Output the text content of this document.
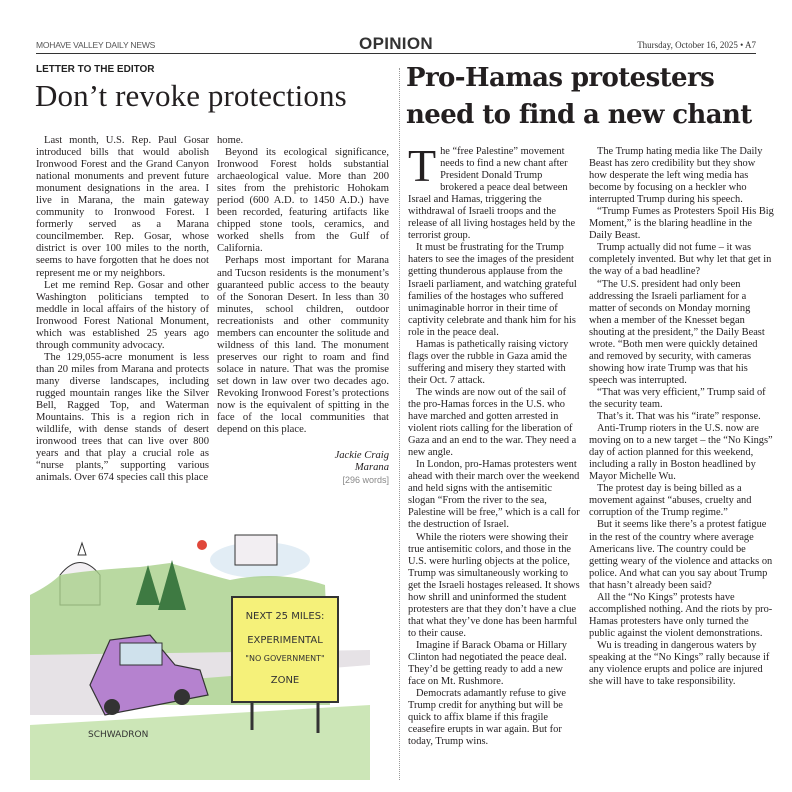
MOHAVE VALLEY DAILY NEWS	OPINION	Thursday, October 16, 2025 • A7
LETTER TO THE EDITOR
Don’t revoke protections

Last month, U.S. Rep. Paul Gosar introduced bills that would abolish Ironwood Forest and the Grand Canyon national monuments and prevent future monument designations in the area. I live in Marana, the main gateway community to Ironwood Forest. I formerly served as a Marana councilmember. Rep. Gosar, whose district is over 100 miles to the north, seems to have forgotten that he does not represent me or my neighbors.

Let me remind Rep. Gosar and other Washington politicians tempted to meddle in local affairs of the history of Ironwood Forest National Monument, which was established 25 years ago through community advocacy.

The 129,055-acre monument is less than 20 miles from Marana and protects many diverse landscapes, including rugged mountain ranges like the Silver Bell, Ragged Top, and Waterman Mountains. This is a region rich in wildlife, with dense stands of desert ironwood trees that can live over 800 years and that play a crucial role as “nurse plants,” supporting various animals. Over 674 species call this place

home.

Beyond its ecological significance, Ironwood Forest holds substantial archaeological value. More than 200 sites from the prehistoric Hohokam period (600 A.D. to 1450 A.D.) have been recorded, featuring artifacts like chipped stone tools, ceramics, and worked shells from the Gulf of California.

Perhaps most important for Marana and Tucson residents is the monument’s guaranteed public access to the beauty of the Sonoran Desert. In less than 30 minutes, school children, outdoor recreationists and other community members can encounter the solitude and wildness of this land. The monument preserves our right to roam and find solace in nature. That was the promise set down in law over two decades ago. Revoking Ironwood Forest’s protections now is the equivalent of spitting in the face of the local communities that depend on this place.

Jackie Craig
Marana
[296 words]
NEXT 25 MILES:
EXPERIMENTAL
"NO GOVERNMENT"
ZONE
SCHWADRON
Pro-Hamas protesters
need to find a new chant

The “free Palestine” movement needs to find a new chant after President Donald Trump brokered a peace deal between Israel and Hamas, triggering the withdrawal of Israeli troops and the release of all living hostages held by the terrorist group.

It must be frustrating for the Trump haters to see the images of the president getting thunderous applause from the Israeli parliament, and watching grateful families of the hostages who suffered unimaginable horror in their time of captivity celebrate and thank him for his role in the peace deal.

Hamas is pathetically raising victory flags over the rubble in Gaza amid the suffering and misery they started with their Oct. 7 attack.

The winds are now out of the sail of the pro-Hamas forces in the U.S. who have marched and gotten arrested in violent riots calling for the liberation of Gaza and an end to the war. They need a new angle.

In London, pro-Hamas protesters went ahead with their march over the weekend and held signs with the antisemitic slogan “From the river to the sea, Palestine will be free,” which is a call for the destruction of Israel.

While the rioters were showing their true antisemitic colors, and those in the U.S. were hurling objects at the police, Trump was simultaneously working to get the Israeli hostages released. It shows how shrill and uninformed the student protesters are that they don’t have a clue that what they’ve done has been harmful to their cause.

Imagine if Barack Obama or Hillary Clinton had negotiated the peace deal. They’d be getting ready to add a new face on Mt. Rushmore.

Democrats adamantly refuse to give Trump credit for anything but will be quick to affix blame if this fragile ceasefire erupts in war again. But for today, Trump wins.

The Trump hating media like The Daily Beast has zero credibility but they show how desperate the left wing media has become by focusing on a heckler who interrupted Trump during his speech.

“Trump Fumes as Protesters Spoil His Big Moment,” is the blaring headline in the Daily Beast.

Trump actually did not fume – it was completely invented. But why let that get in the way of a bad headline?

“The U.S. president had only been addressing the Israeli parliament for a matter of seconds on Monday morning when a member of the Knesset began shouting at the president,” the Daily Beast wrote. “Both men were quickly detained and removed by security, with cameras showing how irate Trump was that his speech was interrupted.

“That was very efficient,” Trump said of the security team.

That’s it. That was his “irate” response.

Anti-Trump rioters in the U.S. now are moving on to a new target – the “No Kings” day of action planned for this weekend, including a rally in Boston headlined by Mayor Michelle Wu.

The protest day is being billed as a movement against “abuses, cruelty and corruption of the Trump regime.”

But it seems like there’s a protest fatigue in the rest of the country where average Americans live. The country could be getting weary of the violence and attacks on police. And what can you say about Trump that hasn’t already been said?

All the “No Kings” protests have accomplished nothing. And the riots by pro-Hamas protesters have only turned the public against the violent demonstrations.

Wu is treading in dangerous waters by speaking at the “No Kings” rally because if any violence erupts and police are injured she will have to take responsibility.
